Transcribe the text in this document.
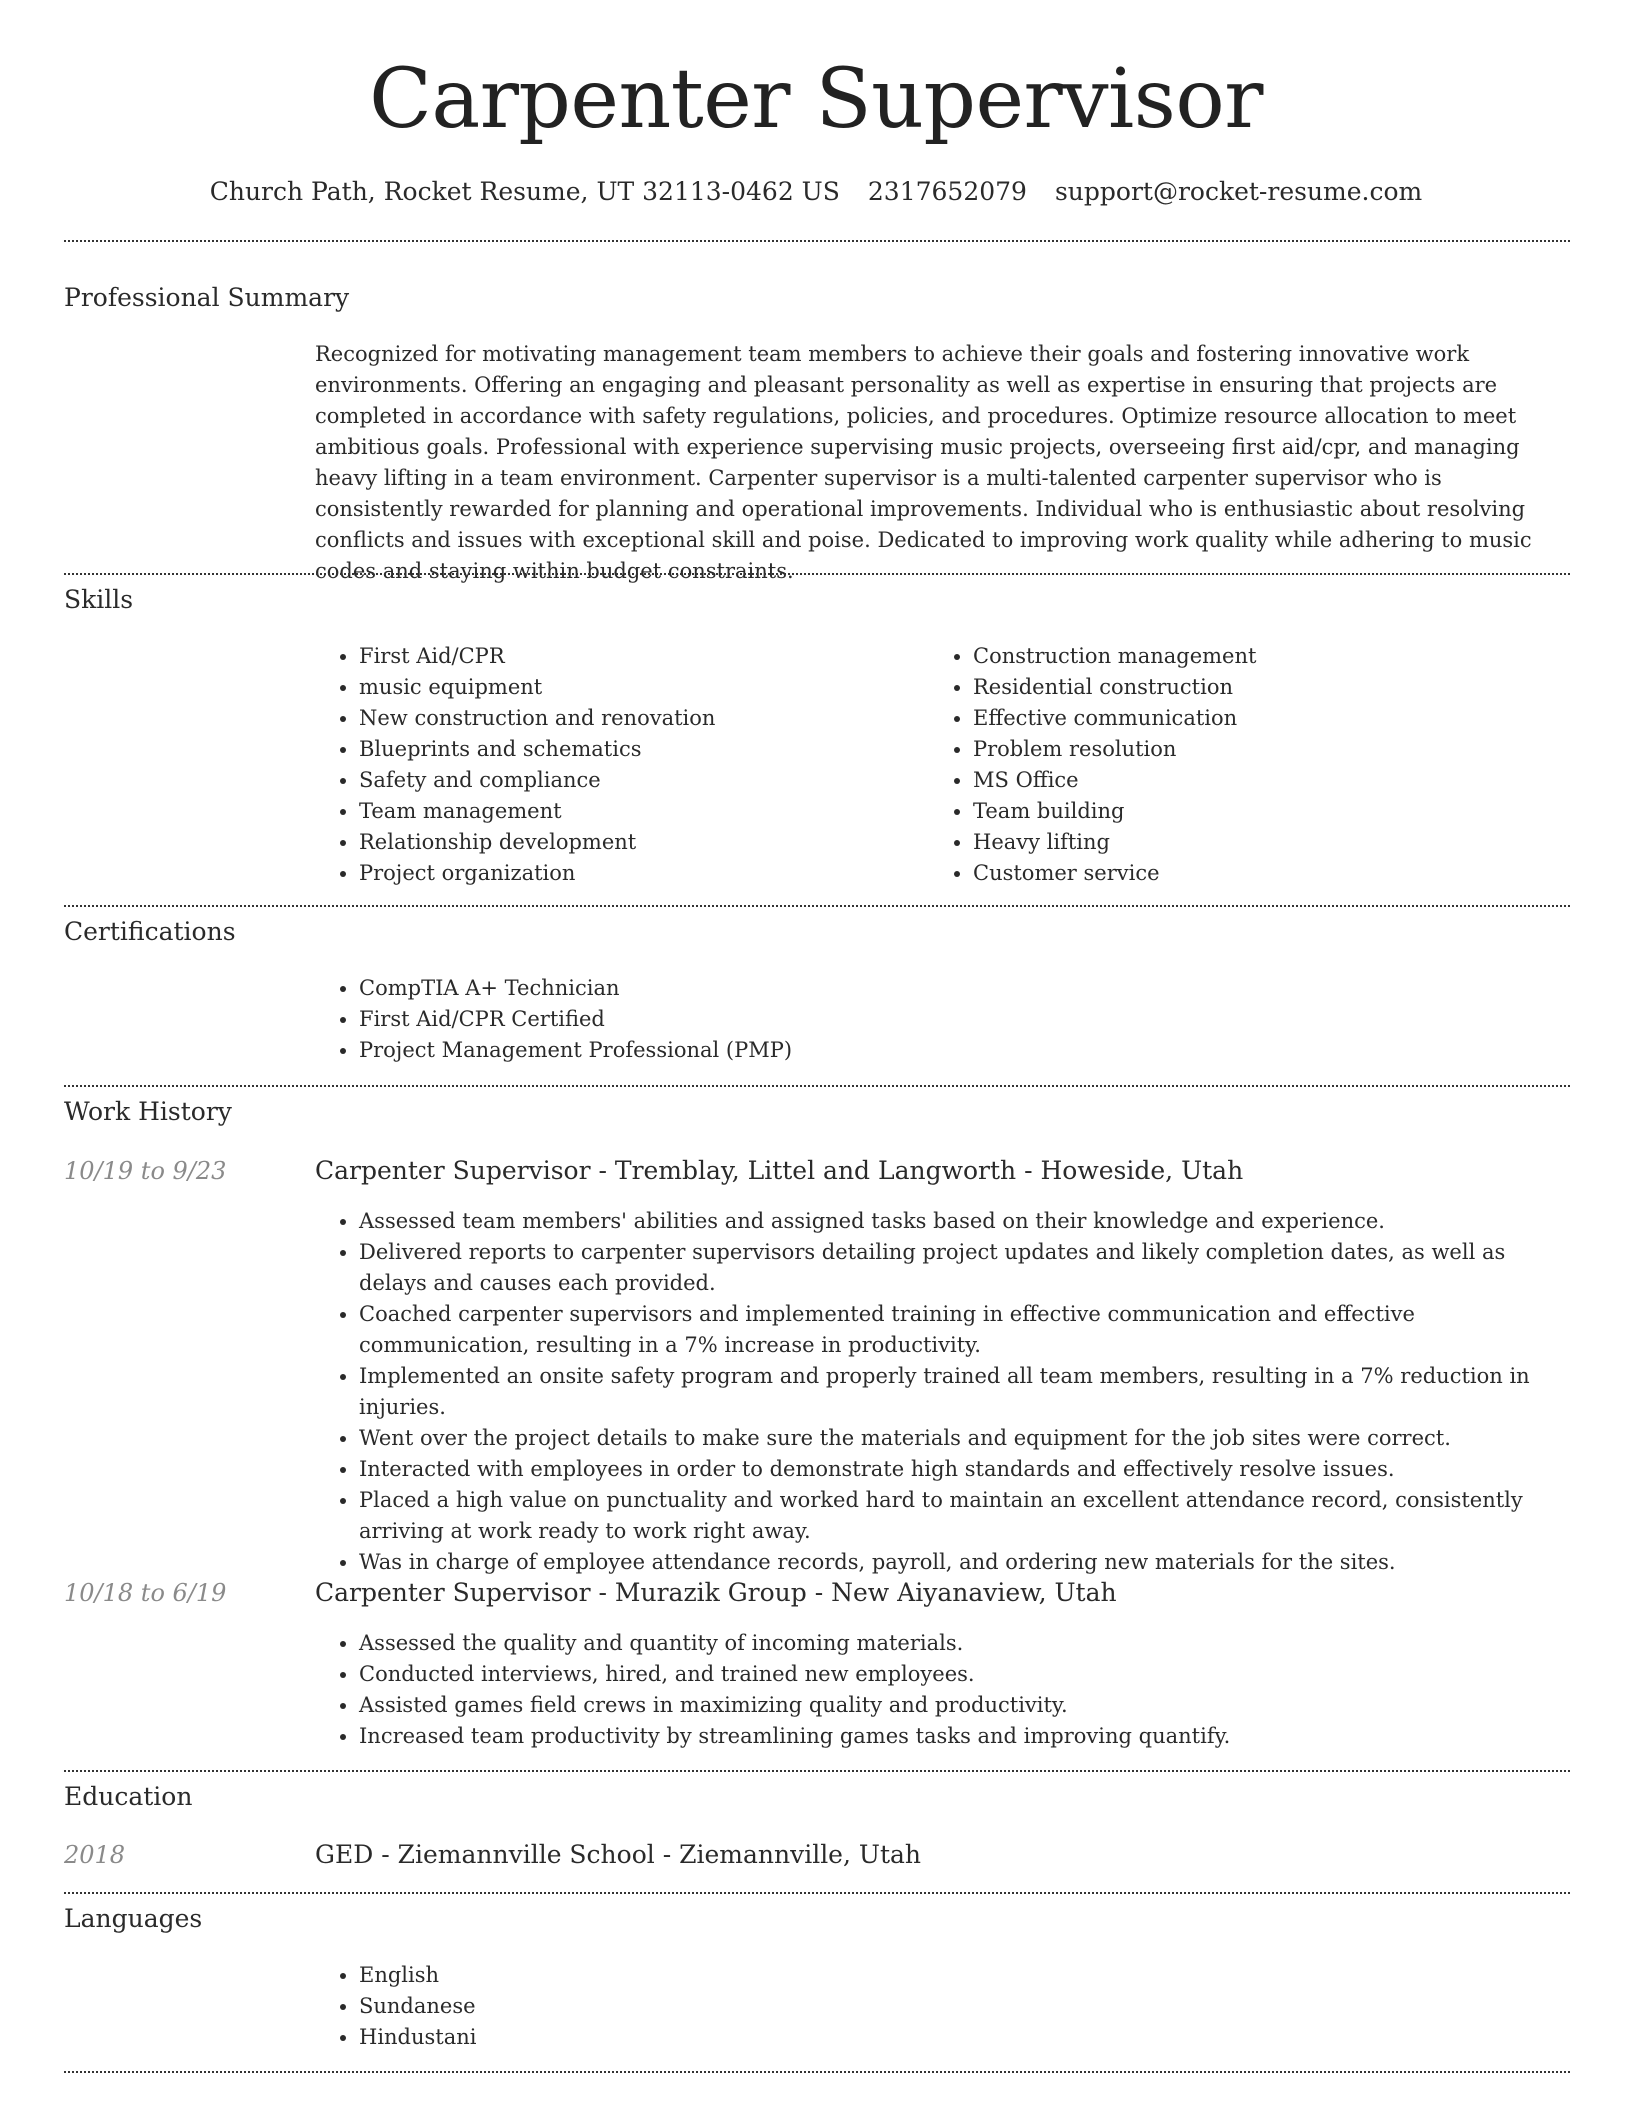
Carpenter Supervisor
Church Path, Rocket Resume, UT 32113-0462 US 2317652079 support@rocket-resume.com
Professional Summary

Recognized for motivating management team members to achieve their goals and fostering innovative work environments. Offering an engaging and pleasant personality as well as expertise in ensuring that projects are completed in accordance with safety regulations, policies, and procedures. Optimize resource allocation to meet ambitious goals. Professional with experience supervising music projects, overseeing first aid/cpr, and managing heavy lifting in a team environment. Carpenter supervisor is a multi-talented carpenter supervisor who is consistently rewarded for planning and operational improvements. Individual who is enthusiastic about resolving conflicts and issues with exceptional skill and poise. Dedicated to improving work quality while adhering to music codes and staying within budget constraints.

Skills
• First Aid/CPR
• music equipment
• New construction and renovation
• Blueprints and schematics
• Safety and compliance
• Team management
• Relationship development
• Project organization
• Construction management
• Residential construction
• Effective communication
• Problem resolution
• MS Office
• Team building
• Heavy lifting
• Customer service
Certifications
• CompTIA A+ Technician
• First Aid/CPR Certified
• Project Management Professional (PMP)
Work History
10/19 to 9/23	Carpenter Supervisor - Tremblay, Littel and Langworth - Howeside, Utah
• Assessed team members' abilities and assigned tasks based on their knowledge and experience.
• Delivered reports to carpenter supervisors detailing project updates and likely completion dates, as well as delays and causes each provided.
• Coached carpenter supervisors and implemented training in effective communication and effective communication, resulting in a 7% increase in productivity.
• Implemented an onsite safety program and properly trained all team members, resulting in a 7% reduction in injuries.
• Went over the project details to make sure the materials and equipment for the job sites were correct.
• Interacted with employees in order to demonstrate high standards and effectively resolve issues.
• Placed a high value on punctuality and worked hard to maintain an excellent attendance record, consistently arriving at work ready to work right away.
• Was in charge of employee attendance records, payroll, and ordering new materials for the sites.
10/18 to 6/19	Carpenter Supervisor - Murazik Group - New Aiyanaview, Utah
• Assessed the quality and quantity of incoming materials.
• Conducted interviews, hired, and trained new employees.
• Assisted games field crews in maximizing quality and productivity.
• Increased team productivity by streamlining games tasks and improving quantify.
Education
2018	GED - Ziemannville School - Ziemannville, Utah
Languages
• English
• Sundanese
• Hindustani
